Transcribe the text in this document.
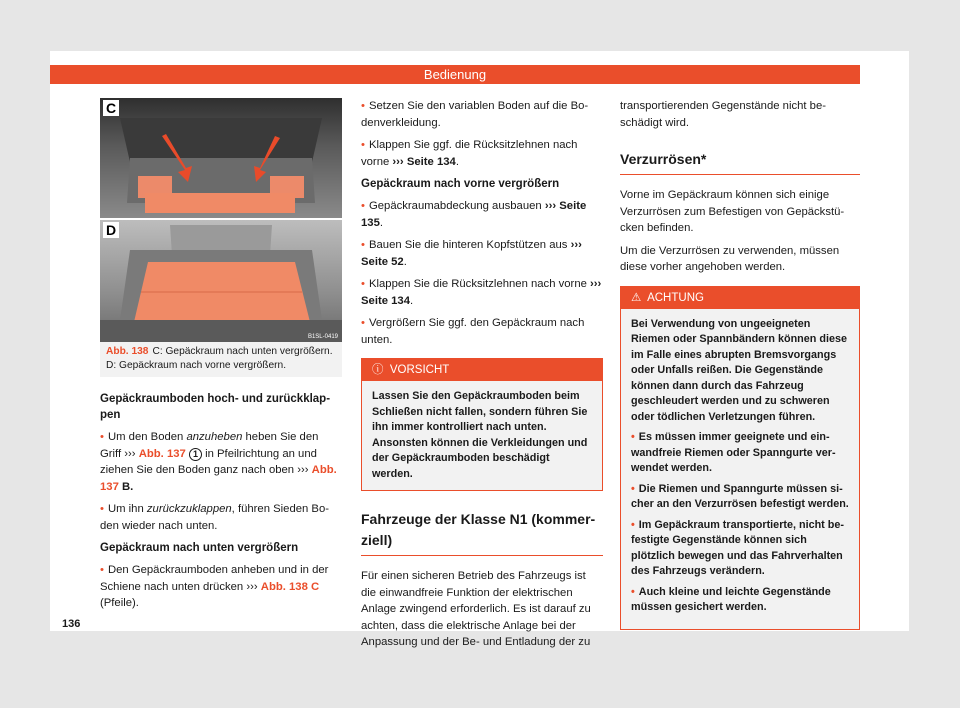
Bedienung
C
D
B1SL-0419
Abb. 138 C: Gepäckraum nach unten vergrößern. D: Gepäckraum nach vorne vergrößern.
Gepäckraumboden hoch- und zurückklappen

• Um den Boden anzuheben heben Sie den Griff ››› Abb. 137 1 in Pfeilrichtung an und ziehen Sie den Boden ganz nach oben ››› Abb. 137 B.

• Um ihn zurückzuklappen, führen Sieden Boden wieder nach unten.

Gepäckraum nach unten vergrößern

• Den Gepäckraumboden anheben und in der Schiene nach unten drücken ››› Abb. 138 C (Pfeile).

• Setzen Sie den variablen Boden auf die Bodenverkleidung.

• Klappen Sie ggf. die Rücksitzlehnen nach vorne ››› Seite 134.

Gepäckraum nach vorne vergrößern

• Gepäckraumabdeckung ausbauen ››› Seite 135.

• Bauen Sie die hinteren Kopfstützen aus ››› Seite 52.

• Klappen Sie die Rücksitzlehnen nach vorne ››› Seite 134.

• Vergrößern Sie ggf. den Gepäckraum nach unten.

ⓘ VORSICHT
Lassen Sie den Gepäckraumboden beim Schließen nicht fallen, sondern führen Sie ihn immer kontrolliert nach unten. Ansonsten können die Verkleidungen und der Gepäckraumboden beschädigt werden.
Fahrzeuge der Klasse N1 (kommerziell)

Für einen sicheren Betrieb des Fahrzeugs ist die einwandfreie Funktion der elektrischen Anlage zwingend erforderlich. Es ist darauf zu achten, dass die elektrische Anlage bei der Anpassung und der Be- und Entladung der zu

transportierenden Gegenstände nicht beschädigt wird.

Verzurrösen*

Vorne im Gepäckraum können sich einige Verzurrösen zum Befestigen von Gepäckstücken befinden.

Um die Verzurrösen zu verwenden, müssen diese vorher angehoben werden.

⚠ ACHTUNG

Bei Verwendung von ungeeigneten Riemen oder Spannbändern können diese im Falle eines abrupten Bremsvorgangs oder Unfalls reißen. Die Gegenstände können dann durch das Fahrzeug geschleudert werden und zu schweren oder tödlichen Verletzungen führen.

• Es müssen immer geeignete und einwandfreie Riemen oder Spanngurte verwendet werden.

• Die Riemen und Spanngurte müssen sicher an den Verzurrösen befestigt werden.

• Im Gepäckraum transportierte, nicht befestigte Gegenstände können sich plötzlich bewegen und das Fahrverhalten des Fahrzeugs verändern.

• Auch kleine und leichte Gegenstände müssen gesichert werden.

136
